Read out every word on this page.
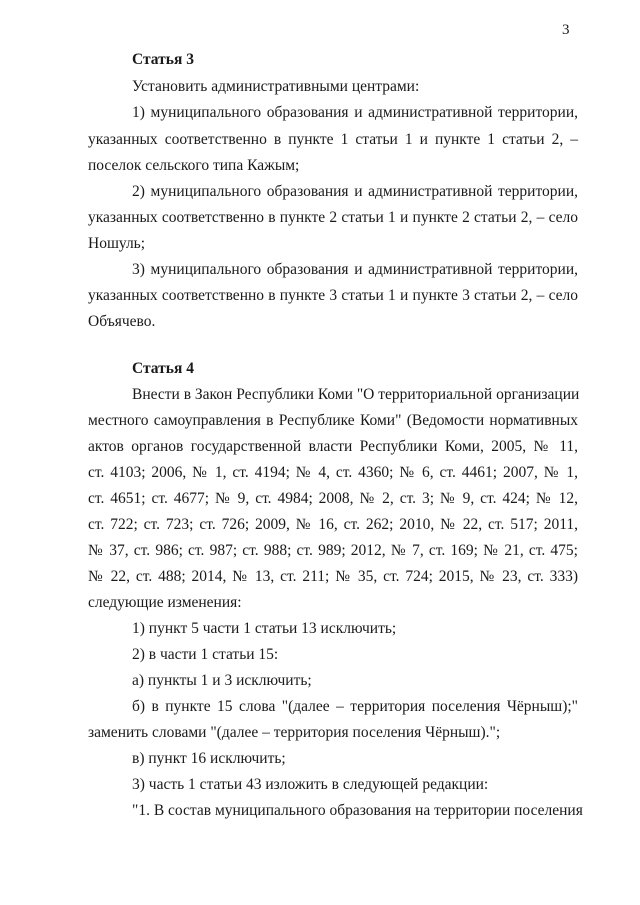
3
Статья 3
Установить административными центрами:
1) муниципального образования и административной территории,
указанных соответственно в пункте 1 статьи 1 и пункте 1 статьи 2, –
поселок сельского типа Кажым;
2) муниципального образования и административной территории,
указанных соответственно в пункте 2 статьи 1 и пункте 2 статьи 2, – село
Ношуль;
3) муниципального образования и административной территории,
указанных соответственно в пункте 3 статьи 1 и пункте 3 статьи 2, – село
Объячево.
Статья 4
Внести в Закон Республики Коми "О территориальной организации
местного самоуправления в Республике Коми" (Ведомости нормативных
актов органов государственной власти Республики Коми, 2005, № 11,
ст. 4103; 2006, № 1, ст. 4194; № 4, ст. 4360; № 6, ст. 4461; 2007, № 1,
ст. 4651; ст. 4677; № 9, ст. 4984; 2008, № 2, ст. 3; № 9, ст. 424; № 12,
ст. 722; ст. 723; ст. 726; 2009, № 16, ст. 262; 2010, № 22, ст. 517; 2011,
№ 37, ст. 986; ст. 987; ст. 988; ст. 989; 2012, № 7, ст. 169; № 21, ст. 475;
№ 22, ст. 488; 2014, № 13, ст. 211; № 35, ст. 724; 2015, № 23, ст. 333)
следующие изменения:
1) пункт 5 части 1 статьи 13 исключить;
2) в части 1 статьи 15:
а) пункты 1 и 3 исключить;
б) в пункте 15 слова "(далее – территория поселения Чёрныш);"
заменить словами "(далее – территория поселения Чёрныш).";
в) пункт 16 исключить;
3) часть 1 статьи 43 изложить в следующей редакции:
"1. В состав муниципального образования на территории поселения
